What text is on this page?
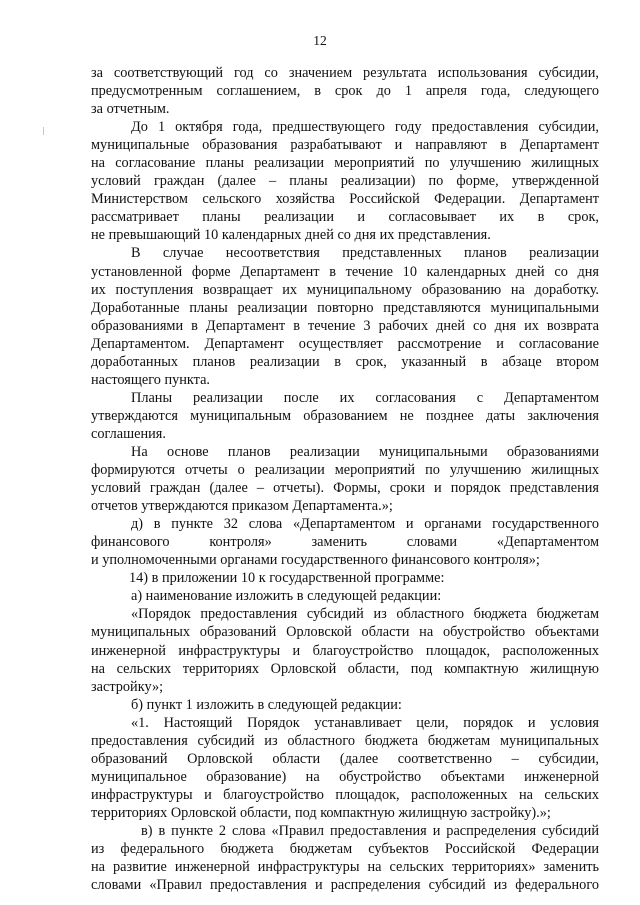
12
за соответствующий год со значением результата использования субсидии,
предусмотренным соглашением, в срок до 1 апреля года, следующего
за отчетным.
До 1 октября года, предшествующего году предоставления субсидии,
муниципальные образования разрабатывают и направляют в Департамент
на согласование планы реализации мероприятий по улучшению жилищных
условий граждан (далее – планы реализации) по форме, утвержденной
Министерством сельского хозяйства Российской Федерации. Департамент
рассматривает планы реализации и согласовывает их в срок,
не превышающий 10 календарных дней со дня их представления.
В случае несоответствия представленных планов реализации
установленной форме Департамент в течение 10 календарных дней со дня
их поступления возвращает их муниципальному образованию на доработку.
Доработанные планы реализации повторно представляются муниципальными
образованиями в Департамент в течение 3 рабочих дней со дня их возврата
Департаментом. Департамент осуществляет рассмотрение и согласование
доработанных планов реализации в срок, указанный в абзаце втором
настоящего пункта.
Планы реализации после их согласования с Департаментом
утверждаются муниципальным образованием не позднее даты заключения
соглашения.
На основе планов реализации муниципальными образованиями
формируются отчеты о реализации мероприятий по улучшению жилищных
условий граждан (далее – отчеты). Формы, сроки и порядок представления
отчетов утверждаются приказом Департамента.»;
д) в пункте 32 слова «Департаментом и органами государственного
финансового контроля» заменить словами «Департаментом
и уполномоченными органами государственного финансового контроля»;
14) в приложении 10 к государственной программе:
а) наименование изложить в следующей редакции:
«Порядок предоставления субсидий из областного бюджета бюджетам
муниципальных образований Орловской области на обустройство объектами
инженерной инфраструктуры и благоустройство площадок, расположенных
на сельских территориях Орловской области, под компактную жилищную
застройку»;
б) пункт 1 изложить в следующей редакции:
«1. Настоящий Порядок устанавливает цели, порядок и условия
предоставления субсидий из областного бюджета бюджетам муниципальных
образований Орловской области (далее соответственно – субсидии,
муниципальное образование) на обустройство объектами инженерной
инфраструктуры и благоустройство площадок, расположенных на сельских
территориях Орловской области, под компактную жилищную застройку).»;
в) в пункте 2 слова «Правил предоставления и распределения субсидий
из федерального бюджета бюджетам субъектов Российской Федерации
на развитие инженерной инфраструктуры на сельских территориях» заменить
словами «Правил предоставления и распределения субсидий из федерального
